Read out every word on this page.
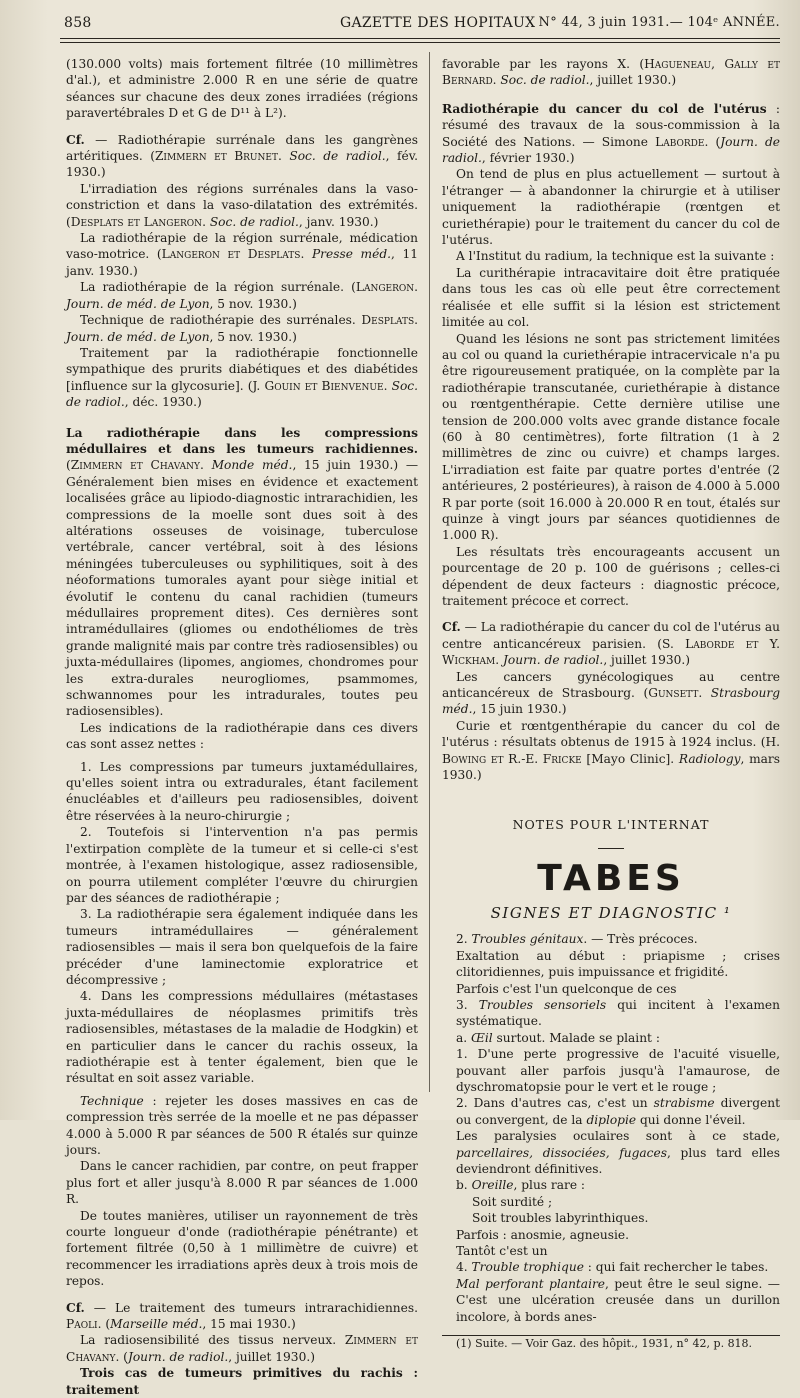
858	GAZETTE DES HOPITAUX N° 44, 3 juin 1931.— 104ᵉ ANNÉE.

(130.000 volts) mais fortement filtrée (10 millimètres d'al.), et administre 2.000 R en une série de quatre séances sur chacune des deux zones irradiées (régions paravertébrales D et G de D¹¹ à L²).

Cf. — Radiothérapie surrénale dans les gangrènes artéritiques. (Zimmern et Brunet. Soc. de radiol., fév. 1930.)

L'irradiation des régions surrénales dans la vaso-constriction et dans la vaso-dilatation des extrémités. (Desplats et Langeron. Soc. de radiol., janv. 1930.)

La radiothérapie de la région surrénale, médication vaso-motrice. (Langeron et Desplats. Presse méd., 11 janv. 1930.)

La radiothérapie de la région surrénale. (Langeron. Journ. de méd. de Lyon, 5 nov. 1930.)

Technique de radiothérapie des surrénales. Desplats. Journ. de méd. de Lyon, 5 nov. 1930.)

Traitement par la radiothérapie fonctionnelle sympathique des prurits diabétiques et des diabétides [influence sur la glycosurie]. (J. Gouin et Bienvenue. Soc. de radiol., déc. 1930.)

La radiothérapie dans les compressions médullaires et dans les tumeurs rachidiennes. (Zimmern et Chavany. Monde méd., 15 juin 1930.) — Généralement bien mises en évidence et exactement localisées grâce au lipiodo-diagnostic intrarachidien, les compressions de la moelle sont dues soit à des altérations osseuses de voisinage, tuberculose vertébrale, cancer vertébral, soit à des lésions méningées tuberculeuses ou syphilitiques, soit à des néoformations tumorales ayant pour siège initial et évolutif le contenu du canal rachidien (tumeurs médullaires proprement dites). Ces dernières sont intramédullaires (gliomes ou endothéliomes de très grande malignité mais par contre très radiosensibles) ou juxta-médullaires (lipomes, angiomes, chondromes pour les extra-durales neurogliomes, psammomes, schwannomes pour les intradurales, toutes peu radiosensibles).

Les indications de la radiothérapie dans ces divers cas sont assez nettes :

1. Les compressions par tumeurs juxtamédullaires, qu'elles soient intra ou extradurales, étant facilement énucléables et d'ailleurs peu radiosensibles, doivent être réservées à la neuro-chirurgie ;

2. Toutefois si l'intervention n'a pas permis l'extirpation complète de la tumeur et si celle-ci s'est montrée, à l'examen histologique, assez radiosensible, on pourra utilement compléter l'œuvre du chirurgien par des séances de radiothérapie ;

3. La radiothérapie sera également indiquée dans les tumeurs intramédullaires — généralement radiosensibles — mais il sera bon quelquefois de la faire précéder d'une laminectomie exploratrice et décompressive ;

4. Dans les compressions médullaires (métastases juxta-médullaires de néoplasmes primitifs très radiosensibles, métastases de la maladie de Hodgkin) et en particulier dans le cancer du rachis osseux, la radiothérapie est à tenter également, bien que le résultat en soit assez variable.

Technique : rejeter les doses massives en cas de compression très serrée de la moelle et ne pas dépasser 4.000 à 5.000 R par séances de 500 R étalés sur quinze jours.

Dans le cancer rachidien, par contre, on peut frapper plus fort et aller jusqu'à 8.000 R par séances de 1.000 R.

De toutes manières, utiliser un rayonnement de très courte longueur d'onde (radiothérapie pénétrante) et fortement filtrée (0,50 à 1 millimètre de cuivre) et recommencer les irradiations après deux à trois mois de repos.

Cf. — Le traitement des tumeurs intrarachidiennes. Paoli. (Marseille méd., 15 mai 1930.)

La radiosensibilité des tissus nerveux. Zimmern et Chavany. (Journ. de radiol., juillet 1930.)

Trois cas de tumeurs primitives du rachis : traitement

favorable par les rayons X. (Hagueneau, Gally et Bernard. Soc. de radiol., juillet 1930.)

Radiothérapie du cancer du col de l'utérus : résumé des travaux de la sous-commission à la Société des Nations. — Simone Laborde. (Journ. de radiol., février 1930.)

On tend de plus en plus actuellement — surtout à l'étranger — à abandonner la chirurgie et à utiliser uniquement la radiothérapie (rœntgen et curiethérapie) pour le traitement du cancer du col de l'utérus.

A l'Institut du radium, la technique est la suivante :

La curithérapie intracavitaire doit être pratiquée dans tous les cas où elle peut être correctement réalisée et elle suffit si la lésion est strictement limitée au col.

Quand les lésions ne sont pas strictement limitées au col ou quand la curiethérapie intracervicale n'a pu être rigoureusement pratiquée, on la complète par la radiothérapie transcutanée, curiethérapie à distance ou rœntgenthérapie. Cette dernière utilise une tension de 200.000 volts avec grande distance focale (60 à 80 centimètres), forte filtration (1 à 2 millimètres de zinc ou cuivre) et champs larges. L'irradiation est faite par quatre portes d'entrée (2 antérieures, 2 postérieures), à raison de 4.000 à 5.000 R par porte (soit 16.000 à 20.000 R en tout, étalés sur quinze à vingt jours par séances quotidiennes de 1.000 R).

Les résultats très encourageants accusent un pourcentage de 20 p. 100 de guérisons ; celles-ci dépendent de deux facteurs : diagnostic précoce, traitement précoce et correct.

Cf. — La radiothérapie du cancer du col de l'utérus au centre anticancéreux parisien. (S. Laborde et Y. Wickham. Journ. de radiol., juillet 1930.)

Les cancers gynécologiques au centre anticancéreux de Strasbourg. (Gunsett. Strasbourg méd., 15 juin 1930.)

Curie et rœntgenthérapie du cancer du col de l'utérus : résultats obtenus de 1915 à 1924 inclus. (H. Bowing et R.-E. Fricke [Mayo Clinic]. Radiology, mars 1930.)

NOTES POUR L'INTERNAT
TABES
SIGNES ET DIAGNOSTIC ¹

2. Troubles génitaux. — Très précoces.

Exaltation au début : priapisme ; crises clitoridiennes, puis impuissance et frigidité.

Parfois c'est l'un quelconque de ces

3. Troubles sensoriels qui incitent à l'examen systématique.

a. Œil surtout. Malade se plaint :

1. D'une perte progressive de l'acuité visuelle, pouvant aller parfois jusqu'à l'amaurose, de dyschromatopsie pour le vert et le rouge ;

2. Dans d'autres cas, c'est un strabisme divergent ou convergent, de la diplopie qui donne l'éveil.

Les paralysies oculaires sont à ce stade, parcellaires, dissociées, fugaces, plus tard elles deviendront définitives.

b. Oreille, plus rare :

Soit surdité ;

Soit troubles labyrinthiques.

Parfois : anosmie, agneusie.

Tantôt c'est un

4. Trouble trophique : qui fait rechercher le tabes.

Mal perforant plantaire, peut être le seul signe. — C'est une ulcération creusée dans un durillon incolore, à bords anes-

(1) Suite. — Voir Gaz. des hôpit., 1931, n° 42, p. 818.
